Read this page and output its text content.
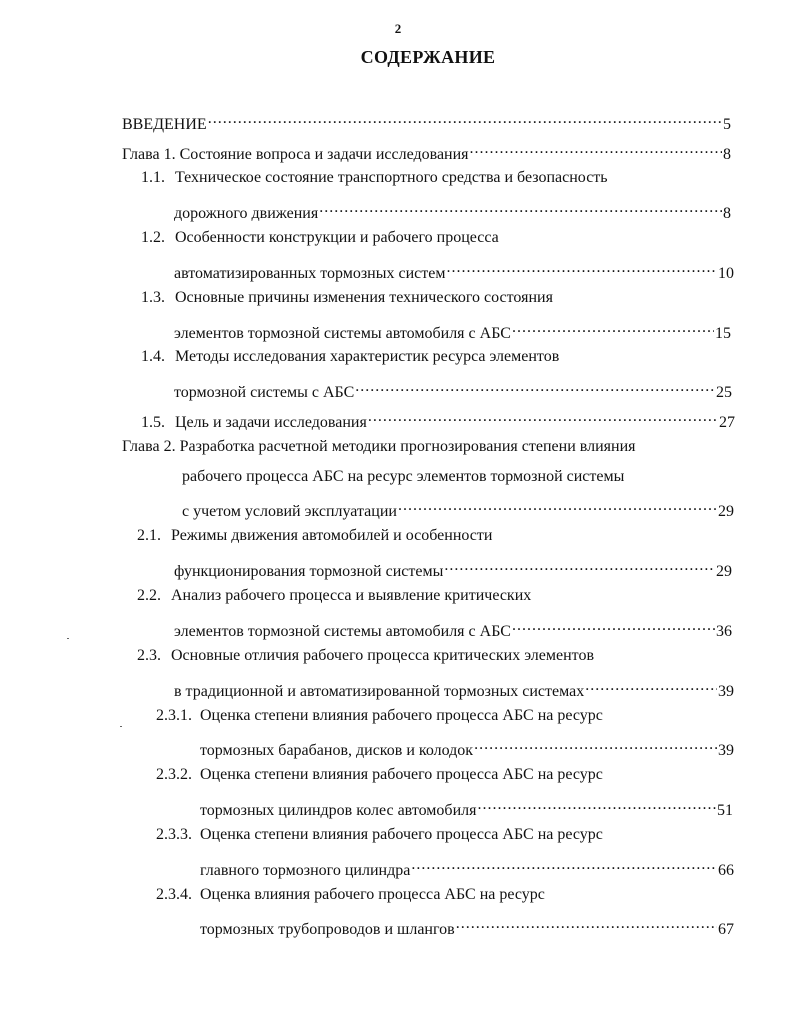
2
СОДЕРЖАНИЕ
ВВЕДЕНИЕ .....	5
Глава 1. Состояние вопроса и задачи исследования .....	8
1.1. Техническое состояние транспортного средства и безопасность
дорожного движения .....	8
1.2. Особенности конструкции и рабочего процесса
автоматизированных тормозных систем .....	10
1.3. Основные причины изменения технического состояния
элементов тормозной системы автомобиля с АБС .....	15
1.4. Методы исследования характеристик ресурса элементов
тормозной системы с АБС .....	25
1.5. Цель и задачи исследования .....	27
Глава 2. Разработка расчетной методики прогнозирования степени влияния
рабочего процесса АБС на ресурс элементов тормозной системы
с учетом условий эксплуатации .....	29
2.1. Режимы движения автомобилей и особенности
функционирования тормозной системы .....	29
2.2. Анализ рабочего процесса и выявление критических
элементов тормозной системы автомобиля с АБС .....	36
2.3. Основные отличия рабочего процесса критических элементов
в традиционной и автоматизированной тормозных системах .....	39
2.3.1. Оценка степени влияния рабочего процесса АБС на ресурс
тормозных барабанов, дисков и колодок .....	39
2.3.2. Оценка степени влияния рабочего процесса АБС на ресурс
тормозных цилиндров колес автомобиля .....	51
2.3.3. Оценка степени влияния рабочего процесса АБС на ресурс
главного тормозного цилиндра .....	66
2.3.4. Оценка влияния рабочего процесса АБС на ресурс
тормозных трубопроводов и шлангов .....	67
